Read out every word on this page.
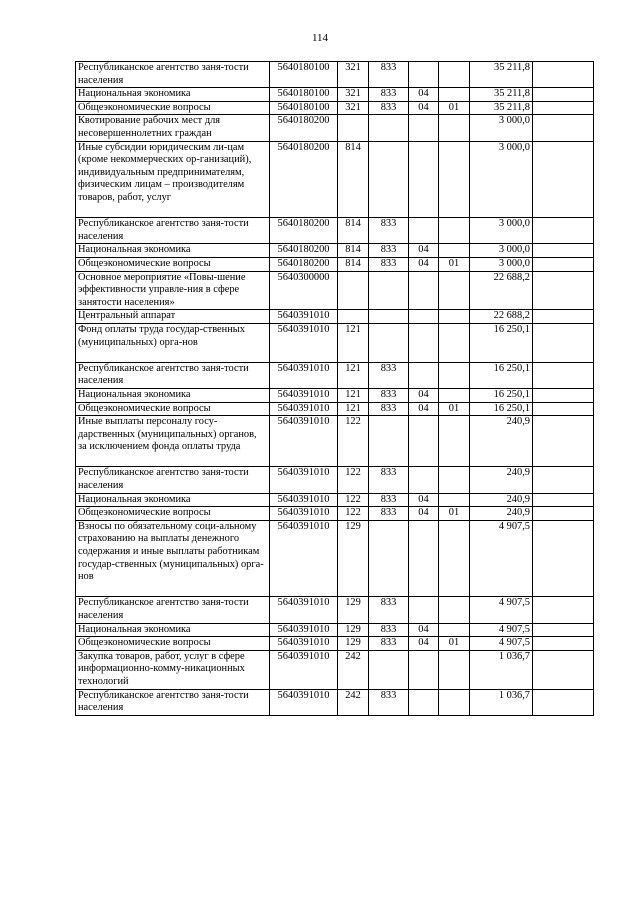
114
Республиканское агентство заня-тости населения	5640180100	321	833			35 211,8	
Национальная экономика	5640180100	321	833	04		35 211,8	
Общеэкономические вопросы	5640180100	321	833	04	01	35 211,8	
Квотирование рабочих мест для несовершеннолетних граждан	5640180200					3 000,0	
Иные субсидии юридическим ли-цам (кроме некоммерческих ор-ганизаций), индивидуальным предпринимателям, физическим лицам – производителям товаров, работ, услуг	5640180200	814				3 000,0	
Республиканское агентство заня-тости населения	5640180200	814	833			3 000,0	
Национальная экономика	5640180200	814	833	04		3 000,0	
Общеэкономические вопросы	5640180200	814	833	04	01	3 000,0	
Основное мероприятие «Повы-шение эффективности управле-ния в сфере занятости населения»	5640300000					22 688,2	
Центральный аппарат	5640391010					22 688,2	
Фонд оплаты труда государ-ственных (муниципальных) орга-нов	5640391010	121				16 250,1	
Республиканское агентство заня-тости населения	5640391010	121	833			16 250,1	
Национальная экономика	5640391010	121	833	04		16 250,1	
Общеэкономические вопросы	5640391010	121	833	04	01	16 250,1	
Иные выплаты персоналу госу-дарственных (муниципальных) органов, за исключением фонда оплаты труда	5640391010	122				240,9	
Республиканское агентство заня-тости населения	5640391010	122	833			240,9	
Национальная экономика	5640391010	122	833	04		240,9	
Общеэкономические вопросы	5640391010	122	833	04	01	240,9	
Взносы по обязательному соци-альному страхованию на выплаты денежного содержания и иные выплаты работникам государ-ственных (муниципальных) орга-нов	5640391010	129				4 907,5	
Республиканское агентство заня-тости населения	5640391010	129	833			4 907,5	
Национальная экономика	5640391010	129	833	04		4 907,5	
Общеэкономические вопросы	5640391010	129	833	04	01	4 907,5	
Закупка товаров, работ, услуг в сфере информационно-комму-никационных технологий	5640391010	242				1 036,7	
Республиканское агентство заня-тости населения	5640391010	242	833			1 036,7	
